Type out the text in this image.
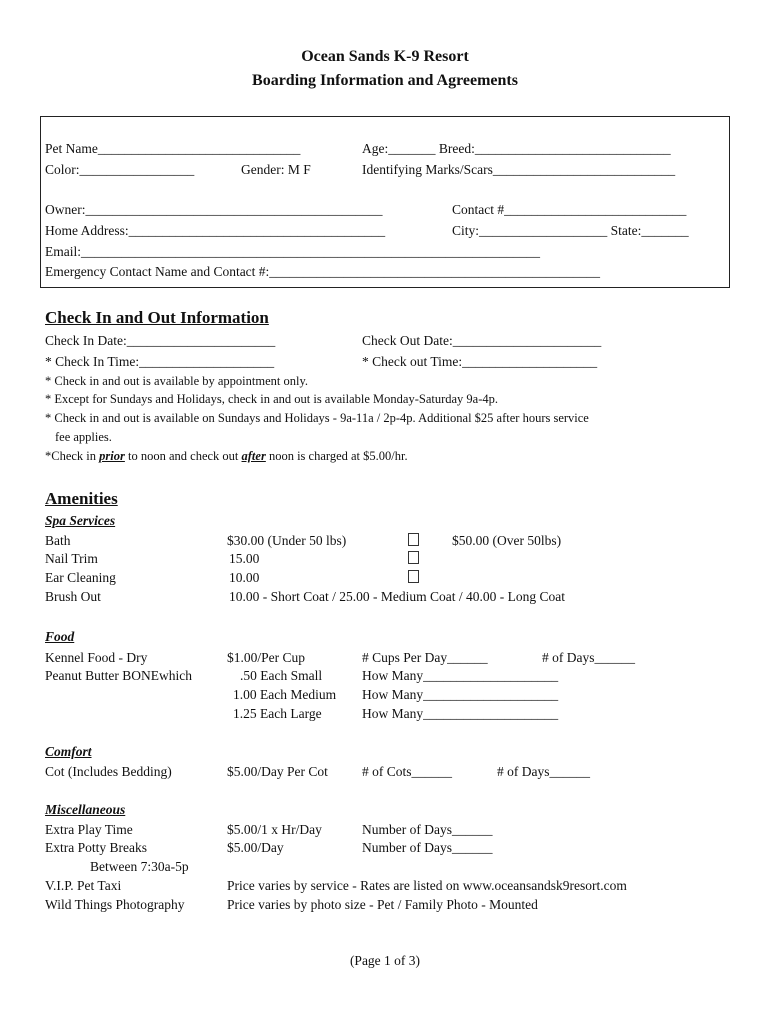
Ocean Sands K-9 Resort
Boarding Information and Agreements
Pet Name______________________________	Age:_______ Breed:_____________________________
Color:_________________	Gender: M F	Identifying Marks/Scars___________________________
Owner:____________________________________________	Contact #___________________________
Home Address:______________________________________	City:___________________ State:_______
Email:____________________________________________________________________
Emergency Contact Name and Contact #:_________________________________________________
Check In and Out Information
Check In Date:______________________	Check Out Date:______________________
* Check In Time:____________________	* Check out Time:____________________
* Check in and out is available by appointment only.
* Except for Sundays and Holidays, check in and out is available Monday-Saturday 9a-4p.
* Check in and out is available on Sundays and Holidays - 9a-11a / 2p-4p. Additional $25 after hours service
fee applies.
*Check in prior to noon and check out after noon is charged at $5.00/hr.
Amenities
Spa Services
Bath	$30.00 (Under 50 lbs)	$50.00 (Over 50lbs)
Nail Trim	15.00
Ear Cleaning	10.00
Brush Out	10.00 - Short Coat / 25.00 - Medium Coat / 40.00 - Long Coat
Food
Kennel Food - Dry	$1.00/Per Cup	# Cups Per Day______	# of Days______
Peanut Butter BONEwhich	.50 Each Small	How Many____________________
1.00 Each Medium How Many____________________
1.25 Each Large	How Many____________________
Comfort
Cot (Includes Bedding)	$5.00/Day Per Cot	# of Cots______	# of Days______
Miscellaneous
Extra Play Time	$5.00/1 x Hr/Day	Number of Days______
Extra Potty Breaks	$5.00/Day	Number of Days______
Between 7:30a-5p
V.I.P. Pet Taxi	Price varies by service - Rates are listed on www.oceansandsk9resort.com
Wild Things Photography	Price varies by photo size - Pet / Family Photo - Mounted
(Page 1 of 3)
